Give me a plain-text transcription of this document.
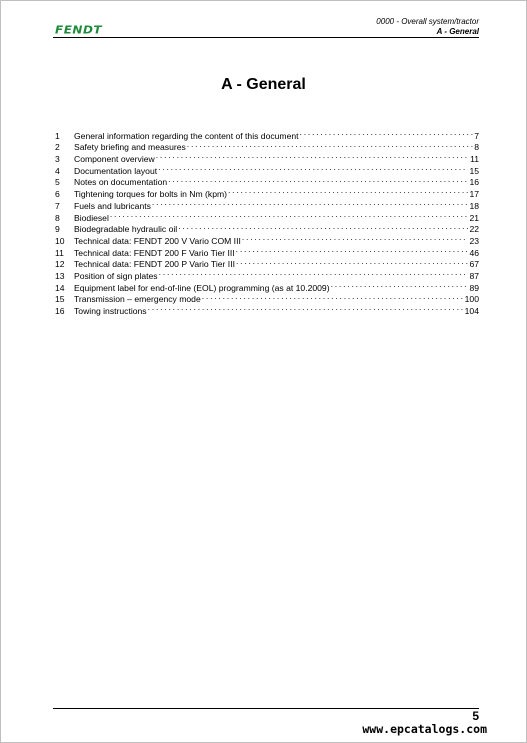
FENDT
0000 - Overall system/tractor
A - General
A - General
1	General information regarding the content of this document . . .	7
2	Safety briefing and measures . . .	8
3	Component overview . . .	11
4	Documentation layout . . .	15
5	Notes on documentation . . .	16
6	Tightening torques for bolts in Nm (kpm) . . .	17
7	Fuels and lubricants . . .	18
8	Biodiesel . . .	21
9	Biodegradable hydraulic oil . . .	22
10	Technical data: FENDT 200 V Vario COM III . . .	23
11	Technical data: FENDT 200 F Vario Tier III . . .	46
12	Technical data: FENDT 200 P Vario Tier III . . .	67
13	Position of sign plates . . .	87
14	Equipment label for end-of-line (EOL) programming (as at 10.2009) . . .	89
15	Transmission – emergency mode . . .	100
16	Towing instructions . . .	104
5
www.epcatalogs.com
